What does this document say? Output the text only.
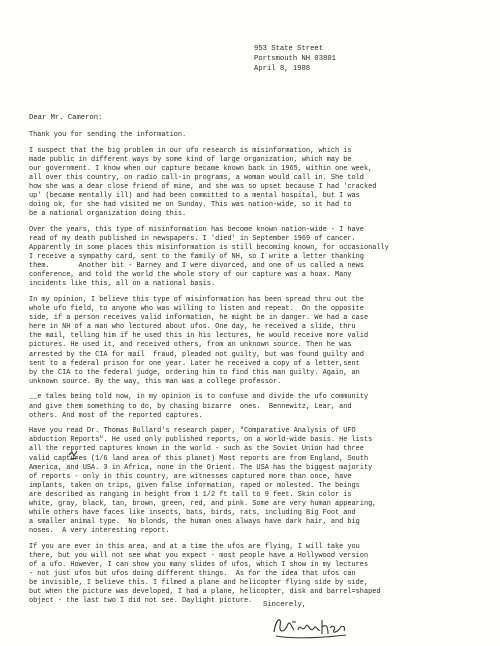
953 State Street
Portsmouth NH 03801
April 8, 1988
Dear Mr. Cameron:
Thank you for sending the information.
I suspect that the big problem in our ufo research is misinformation, which is
made public in different ways by some kind of large organization, which may be
our government. I know when our capture became known back in 1965, within one week,
all over this country, on radio call-in programs, a woman would call in. She told
how she was a dear close friend of mine, and she was so upset because I had 'cracked
up' (became mentally ill) and had been committed to a mental hospital, but I was
doing ok, for she had visited me on Sunday. This was nation-wide, so it had to
be a national organization doing this.
Over the years, this type of misinformation has become known nation-wide - I have
read of my death published in newspapers. I 'died' in September 1969 of cancer.
Apparently in some places this misinformation is still becoming known, for occasionally
I receive a sympathy card, sent to the family of NH, so I write a letter thanking
them.       Another bit - Barney and I were divorced, and one of us called a news
conference, and told the world the whole story of our capture was a hoax. Many
incidents like this, all on a national basis.
In my opinion, I believe this type of misinformation has been spread thru out the
whole ufo field, to anyone who was willing to listen and repeat.  On the opposite
side, if a person receives valid information, he might be in danger. We had a case
here in NH of a man who lectured about ufos. One day, he received a slide, thru
the mail, telling him if he used this in his lectures, he would receive more valid
pictures. He used it, and received others, from an unknown source. Then he was
arrested by the CIA for mail  fraud, pleaded not guilty, but was found guilty and
sent to a federal prison for one year. Later he received a copy of a letter,sent
by the CIA to the federal judge, ordering him to find this man guilty. Again, an
unknown source. By the way, this man was a college professor.
__e tales being told now, in my opinion is to confuse and divide the ufo community
and give them something to do, by chasing bizarre  ones.  Bennewitz, Lear, and
others. And most of the reported captures.
Have you read Dr. Thomas Bullard's research paper, "Comparative Analysis of UFO
abduction Reports". He used only published reports, on a world-wide basis. He lists
all the reported captures known in the world - such as the Soviet Union had three
valid captures (1/6 land area of this planet) Most reports are from England, South
America, and USA. 3 in Africa, none in the Orient. The USA has the biggest majority
of reports - only in this country, are witnesses captured more than once, have
implants, taken on trips, given false information, raped or molested. The beings
are described as ranging in height from 1 1/2 ft tall to 9 feet. Skin color is
white, gray, black, tan, brown, green, red, and pink. Some are very human appearing,
while others have faces like insects, bats, birds, rats, including Big Foot and
a smaller animal type.  No blonds, the human ones always have dark hair, and big
noses.  A very interesting report.
If you are ever in this area, and at a time the ufos are flying, I will take you
there, but you will not see what you expect - most people have a Hollywood version
of a ufo. However, I can show you many slides of ufos, which I show in my lectures
- not just ufos but ufos doing different things.  As for the idea that ufos can
be invisible, I believe this. I filmed a plane and helicopter flying side by side,
but when the picture was developed, I had a plane, helicopter, disk and barrel=shaped
object - the last two I did not see. Daylight picture.	Sincerely,
